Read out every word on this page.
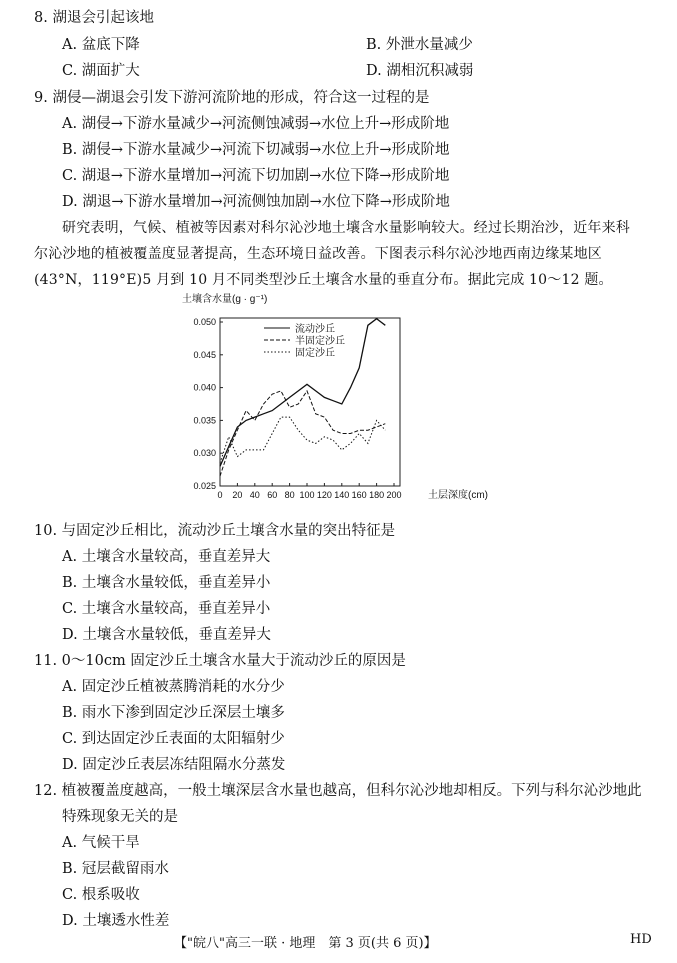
8. 湖退会引起该地
A. 盆底下降	B. 外泄水量减少
C. 湖面扩大	D. 湖相沉积减弱
9. 湖侵—湖退会引发下游河流阶地的形成，符合这一过程的是
A. 湖侵→下游水量减少→河流侧蚀减弱→水位上升→形成阶地
B. 湖侵→下游水量减少→河流下切减弱→水位上升→形成阶地
C. 湖退→下游水量增加→河流下切加剧→水位下降→形成阶地
D. 湖退→下游水量增加→河流侧蚀加剧→水位下降→形成阶地
研究表明，气候、植被等因素对科尔沁沙地土壤含水量影响较大。经过长期治沙，近年来科
尔沁沙地的植被覆盖度显著提高，生态环境日益改善。下图表示科尔沁沙地西南边缘某地区
(43°N，119°E)5 月到 10 月不同类型沙丘土壤含水量的垂直分布。据此完成 10～12 题。
0 20 40 60 80 100 120 140 160 180 200
0.025
0.030
0.035
0.040
0.045
0.050
流动沙丘
半固定沙丘
固定沙丘
土壤含水量(g · g⁻¹)
土层深度(cm)
10. 与固定沙丘相比，流动沙丘土壤含水量的突出特征是
A. 土壤含水量较高，垂直差异大
B. 土壤含水量较低，垂直差异小
C. 土壤含水量较高，垂直差异小
D. 土壤含水量较低，垂直差异大
11. 0～10cm 固定沙丘土壤含水量大于流动沙丘的原因是
A. 固定沙丘植被蒸腾消耗的水分少
B. 雨水下渗到固定沙丘深层土壤多
C. 到达固定沙丘表面的太阳辐射少
D. 固定沙丘表层冻结阻隔水分蒸发
12. 植被覆盖度越高，一般土壤深层含水量也越高，但科尔沁沙地却相反。下列与科尔沁沙地此
特殊现象无关的是
A. 气候干旱
B. 冠层截留雨水
C. 根系吸收
D. 土壤透水性差
【"皖八"高三一联 · 地理　第 3 页(共 6 页)】	HD
